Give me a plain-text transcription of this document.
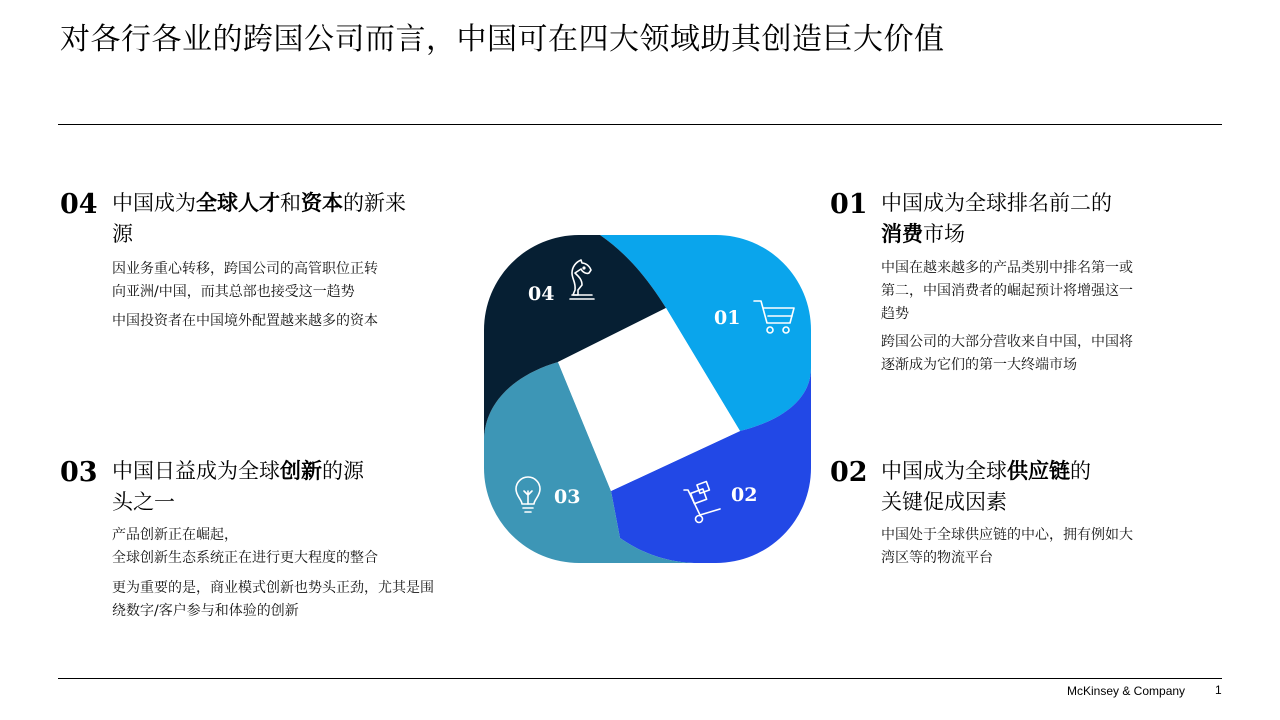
对各行各业的跨国公司而言，中国可在四大领域助其创造巨大价值
04 中国成为全球人才和资本的新来
源
因业务重心转移，跨国公司的高管职位正转
向亚洲/中国，而其总部也接受这一趋势
中国投资者在中国境外配置越来越多的资本
03 中国日益成为全球创新的源
头之一
产品创新正在崛起，
全球创新生态系统正在进行更大程度的整合
更为重要的是，商业模式创新也势头正劲，尤其是围
绕数字/客户参与和体验的创新
01 中国成为全球排名前二的
消费市场
中国在越来越多的产品类别中排名第一或
第二，中国消费者的崛起预计将增强这一
趋势
跨国公司的大部分营收来自中国，中国将
逐渐成为它们的第一大终端市场
02 中国成为全球供应链的
关键促成因素
中国处于全球供应链的中心，拥有例如大
湾区等的物流平台
04
01
03	02
McKinsey & Company 1
